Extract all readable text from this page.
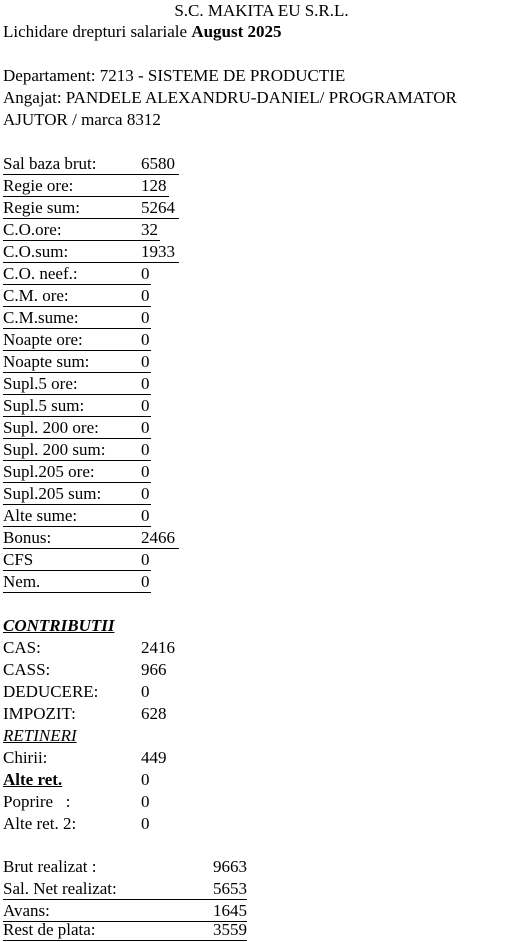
S.C. MAKITA EU S.R.L.
Lichidare drepturi salariale August 2025
Departament: 7213 - SISTEME DE PRODUCTIE
Angajat: PANDELE ALEXANDRU-DANIEL/ PROGRAMATOR
AJUTOR / marca 8312
Sal baza brut:	6580
Regie ore:	128
Regie sum:	5264
C.O.ore:	32
C.O.sum:	1933
C.O. neef.:	0
C.M. ore:	0
C.M.sume:	0
Noapte ore:	0
Noapte sum:	0
Supl.5 ore:	0
Supl.5 sum:	0
Supl. 200 ore: 0
Supl. 200 sum: 0
Supl.205 ore:	0
Supl.205 sum: 0
Alte sume:	0
Bonus:	2466
CFS	0
Nem.	0
CONTRIBUTII
CAS:	2416
CASS:	966
DEDUCERE:	0
IMPOZIT:	628
RETINERI
Chirii:	449
Alte ret.	0
Poprire   :	0
Alte ret. 2:	0
Brut realizat :	9663
Sal. Net realizat:	5653
Avans:	1645
Rest de plata:	3559
